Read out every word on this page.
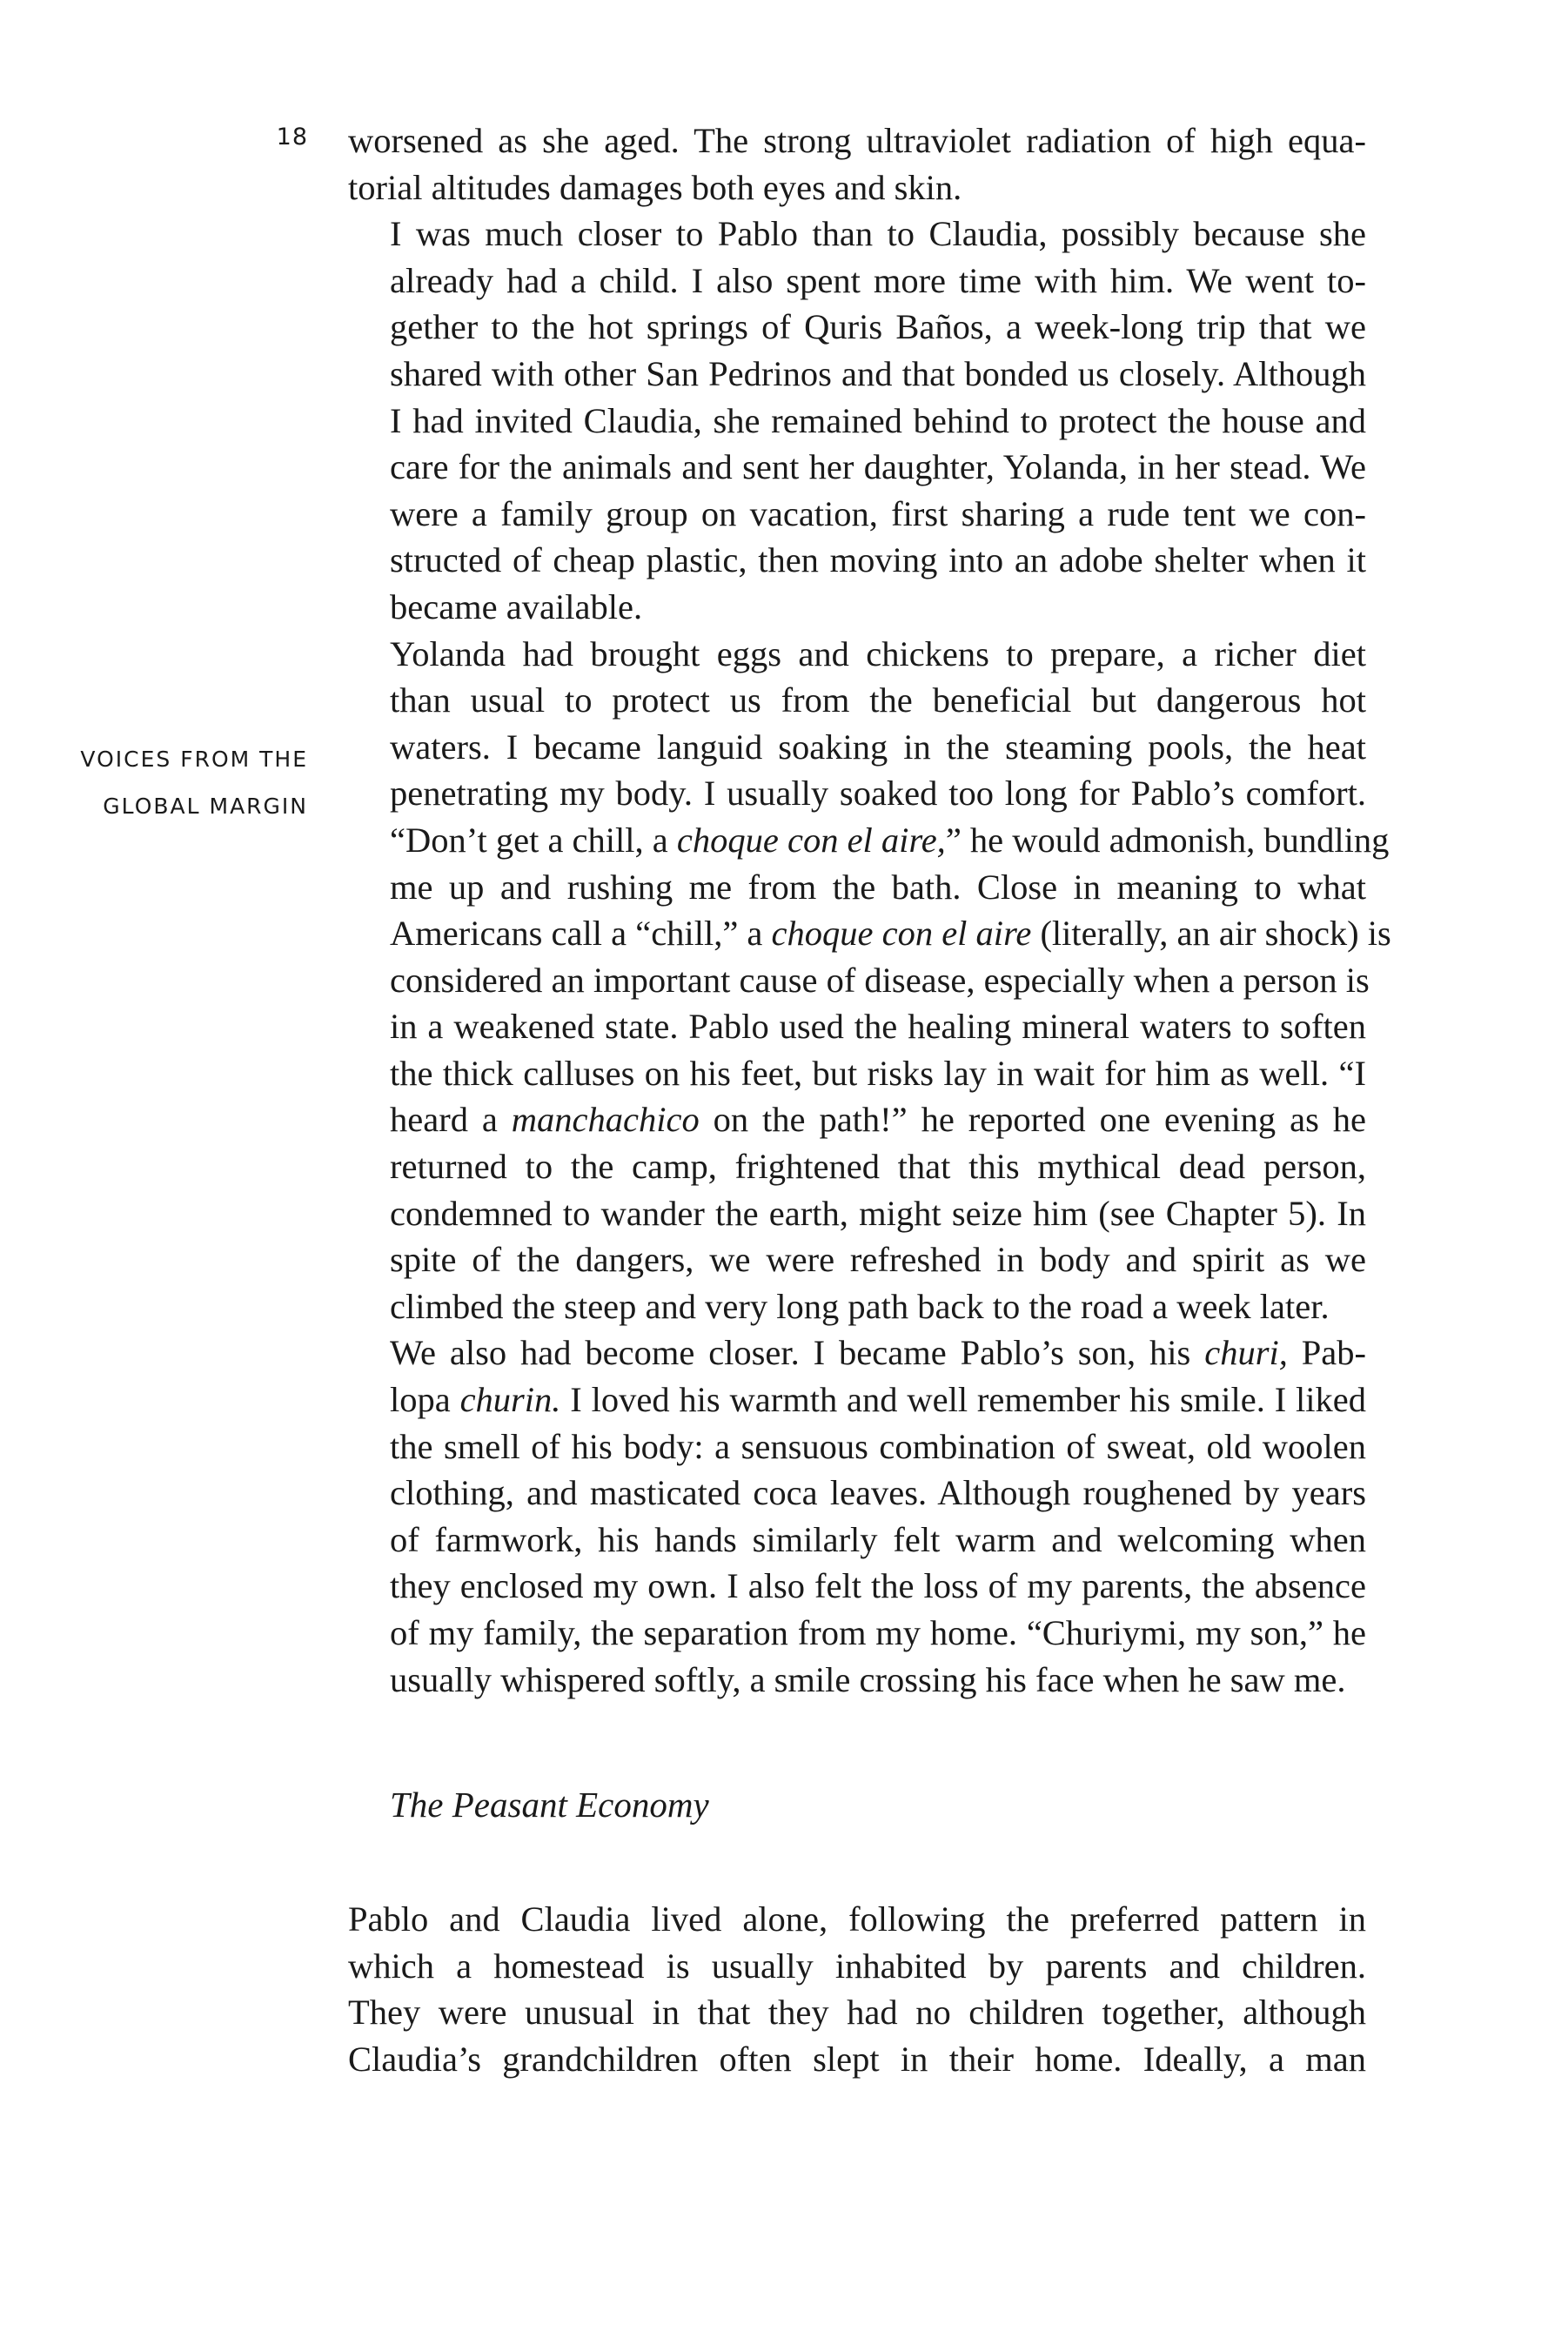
18
VOICES FROM THE
GLOBAL MARGIN

worsened as she aged. The strong ultraviolet radiation of high equa-
torial altitudes damages both eyes and skin.

I was much closer to Pablo than to Claudia, possibly because she
already had a child. I also spent more time with him. We went to-
gether to the hot springs of Quris Baños, a week-long trip that we
shared with other San Pedrinos and that bonded us closely. Although
I had invited Claudia, she remained behind to protect the house and
care for the animals and sent her daughter, Yolanda, in her stead. We
were a family group on vacation, first sharing a rude tent we con-
structed of cheap plastic, then moving into an adobe shelter when it
became available.

Yolanda had brought eggs and chickens to prepare, a richer diet
than usual to protect us from the beneficial but dangerous hot
waters. I became languid soaking in the steaming pools, the heat
penetrating my body. I usually soaked too long for Pablo’s comfort.
“Don’t get a chill, a choque con el aire,” he would admonish, bundling
me up and rushing me from the bath. Close in meaning to what
Americans call a “chill,” a choque con el aire (literally, an air shock) is
considered an important cause of disease, especially when a person is
in a weakened state. Pablo used the healing mineral waters to soften
the thick calluses on his feet, but risks lay in wait for him as well. “I
heard a manchachico on the path!” he reported one evening as he
returned to the camp, frightened that this mythical dead person,
condemned to wander the earth, might seize him (see Chapter 5). In
spite of the dangers, we were refreshed in body and spirit as we
climbed the steep and very long path back to the road a week later.

We also had become closer. I became Pablo’s son, his churi, Pab-
lopa churin. I loved his warmth and well remember his smile. I liked
the smell of his body: a sensuous combination of sweat, old woolen
clothing, and masticated coca leaves. Although roughened by years
of farmwork, his hands similarly felt warm and welcoming when
they enclosed my own. I also felt the loss of my parents, the absence
of my family, the separation from my home. “Churiymi, my son,” he
usually whispered softly, a smile crossing his face when he saw me.

The Peasant Economy

Pablo and Claudia lived alone, following the preferred pattern in
which a homestead is usually inhabited by parents and children.
They were unusual in that they had no children together, although
Claudia’s grandchildren often slept in their home. Ideally, a man
